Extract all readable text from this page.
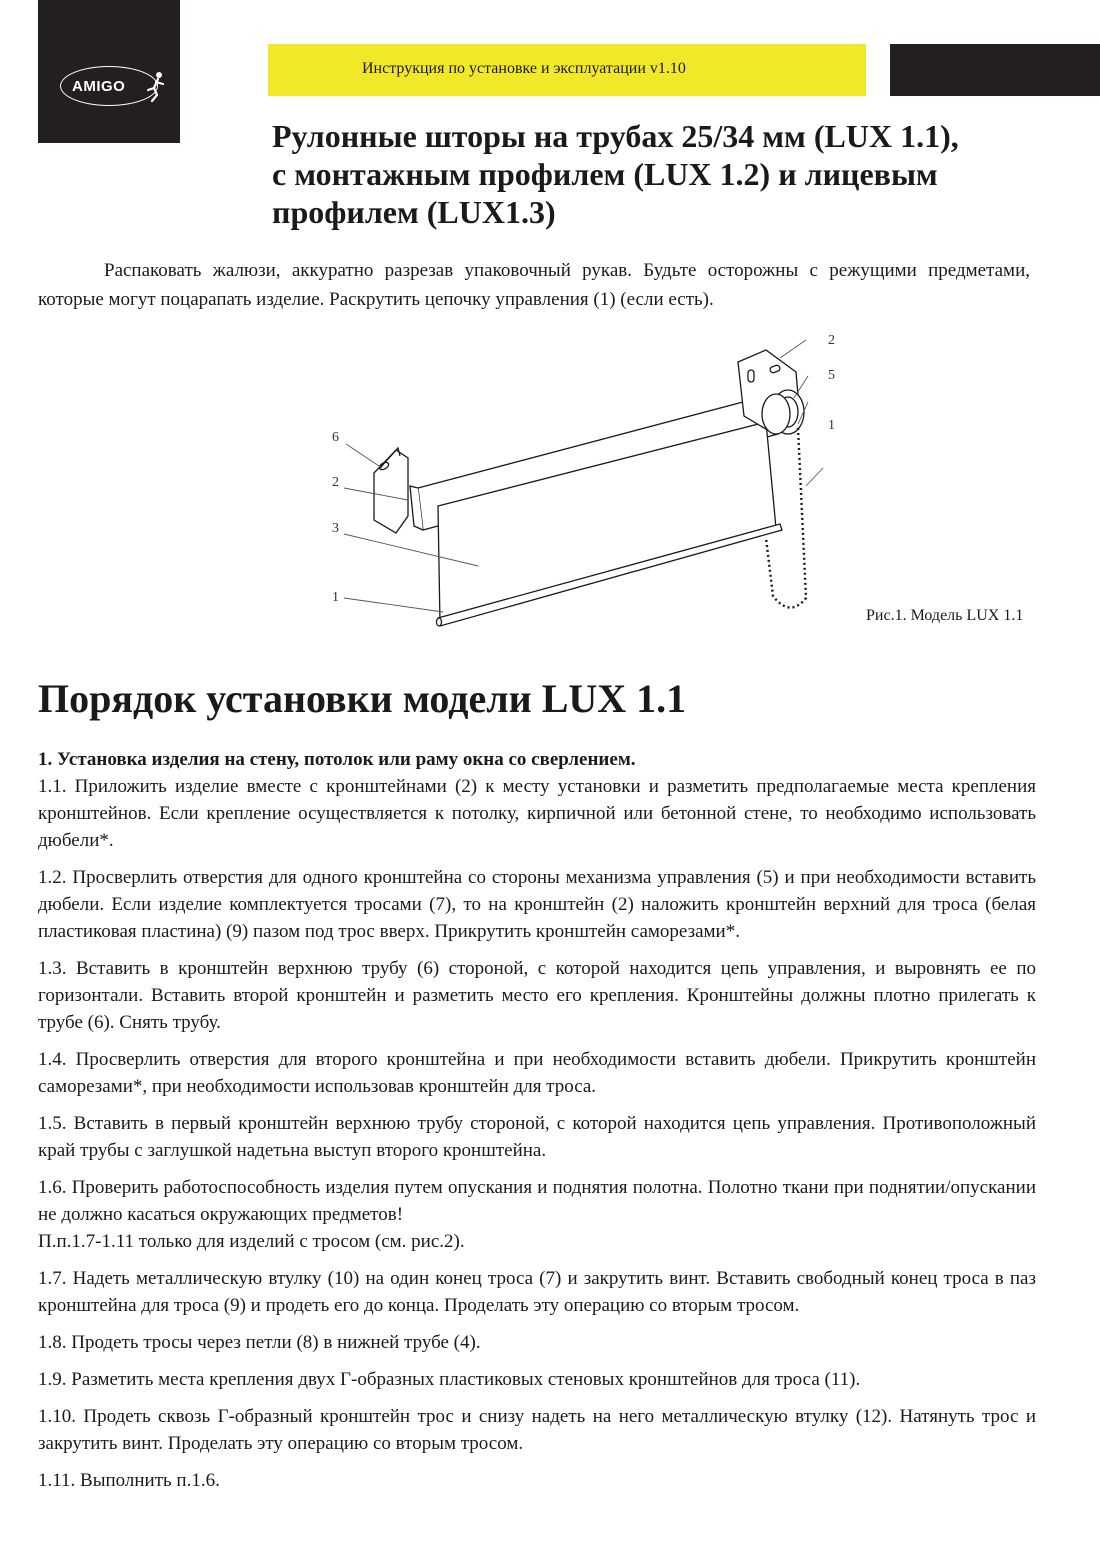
AMIGO
Инструкция по установке и эксплуатации v1.10
Рулонные шторы на трубах 25/34 мм (LUX 1.1),
с монтажным профилем (LUX 1.2) и лицевым
профилем (LUX1.3)

Распаковать жалюзи, аккуратно разрезав упаковочный рукав. Будьте осторожны с режущими предметами, которые могут поцарапать изделие. Раскрутить цепочку управления (1) (если есть).

6
2
3
1
2
5
1
Рис.1. Модель LUX 1.1
Порядок установки модели LUX 1.1

1. Установка изделия на стену, потолок или раму окна со сверлением.

1.1. Приложить изделие вместе с кронштейнами (2) к месту установки и разметить предполагаемые места крепления кронштейнов. Если крепление осуществляется к потолку, кирпичной или бетонной стене, то необходимо использовать дюбели*.

1.2. Просверлить отверстия для одного кронштейна со стороны механизма управления (5) и при необходимости вставить дюбели. Если изделие комплектуется тросами (7), то на кронштейн (2) наложить кронштейн верхний для троса (белая пластиковая пластина) (9) пазом под трос вверх. Прикрутить кронштейн саморезами*.

1.3. Вставить в кронштейн верхнюю трубу (6) стороной, с которой находится цепь управления, и выровнять ее по горизонтали. Вставить второй кронштейн и разметить место его крепления. Кронштейны должны плотно прилегать к трубе (6). Снять трубу.

1.4. Просверлить отверстия для второго кронштейна и при необходимости вставить дюбели. Прикрутить кронштейн саморезами*, при необходимости использовав кронштейн для троса.

1.5. Вставить в первый кронштейн верхнюю трубу стороной, с которой находится цепь управления. Противоположный край трубы с заглушкой надетьна выступ второго кронштейна.

1.6. Проверить работоспособность изделия путем опускания и поднятия полотна. Полотно ткани при поднятии/опускании не должно касаться окружающих предметов!

П.п.1.7-1.11 только для изделий с тросом (см. рис.2).

1.7. Надеть металлическую втулку (10) на один конец троса (7) и закрутить винт. Вставить свободный конец троса в паз кронштейна для троса (9) и продеть его до конца. Проделать эту операцию со вторым тросом.

1.8. Продеть тросы через петли (8) в нижней трубе (4).

1.9. Разметить места крепления двух Г-образных пластиковых стеновых кронштейнов для троса (11).

1.10. Продеть сквозь Г-образный кронштейн трос и снизу надеть на него металлическую втулку (12). Натянуть трос и закрутить винт. Проделать эту операцию со вторым тросом.

1.11. Выполнить п.1.6.
